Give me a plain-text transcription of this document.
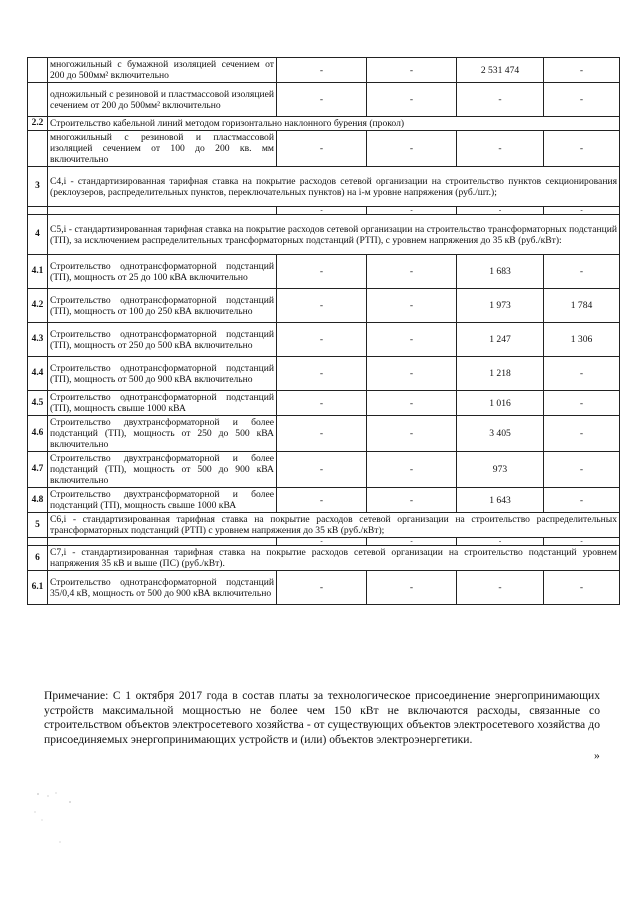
	многожильный с бумажной изоляцией сечением от 200 до 500мм² включительно	-	-	2 531 474	-
	одножильный с резиновой и пластмассовой изоляцией сечением от 200 до 500мм² включительно	-	-	-	-
2.2	Строительство кабельной линий методом горизонтально наклонного бурения (прокол)				
	многожильный с резиновой и пластмассовой изоляцией сечением от 100 до 200 кв. мм включительно	-	-	-	-
3	C4,i - стандартизированная тарифная ставка на покрытие расходов сетевой организации на строительство пунктов секционирования (реклоузеров, распределительных пунктов, переключательных пунктов) на i-м уровне напряжения (руб./шт.);				
		-	-	-	-
4	C5,i - стандартизированная тарифная ставка на покрытие расходов сетевой организации на строительство трансформаторных подстанций (ТП), за исключением распределительных трансформаторных подстанций (РТП), с уровнем напряжения до 35 кВ (руб./кВт):				
4.1	Строительство однотрансформаторной подстанций (ТП), мощность от 25 до 100 кВА включительно	-	-	1 683	-
4.2	Строительство однотрансформаторной подстанций (ТП), мощность от 100 до 250 кВА включительно	-	-	1 973	1 784
4.3	Строительство однотрансформаторной подстанций (ТП), мощность от 250 до 500 кВА включительно	-	-	1 247	1 306
4.4	Строительство однотрансформаторной подстанций (ТП), мощность от 500 до 900 кВА включительно	-	-	1 218	-
4.5	Строительство однотрансформаторной подстанций (ТП), мощность свыше 1000 кВА	-	-	1 016	-
4.6	Строительство двухтрансформаторной и более подстанций (ТП), мощность от 250 до 500 кВА включительно	-	-	3 405	-
4.7	Строительство двухтрансформаторной и более подстанций (ТП), мощность от 500 до 900 кВА включительно	-	-	973	-
4.8	Строительство двухтрансформаторной и более подстанций (ТП), мощность свыше 1000 кВА	-	-	1 643	-
5	C6,i - стандартизированная тарифная ставка на покрытие расходов сетевой организации на строительство распределительных трансформаторных подстанций (РТП) с уровнем напряжения до 35 кВ (руб./кВт);				
		-	-	-	-
6	C7,i - стандартизированная тарифная ставка на покрытие расходов сетевой организации на строительство подстанций уровнем напряжения 35 кВ и выше (ПС) (руб./кВт).				
6.1	Строительство однотрансформаторной подстанций 35/0,4 кВ, мощность от 500 до 900 кВА включительно	-	-	-	-
Примечание: С 1 октября 2017 года в состав платы за технологическое присоединение энергопринимающих устройств максимальной мощностью не более чем 150 кВт не включаются расходы, связанные со строительством объектов электросетевого хозяйства - от существующих объектов электросетевого хозяйства до присоединяемых энергопринимающих устройств и (или) объектов электроэнергетики.
»
